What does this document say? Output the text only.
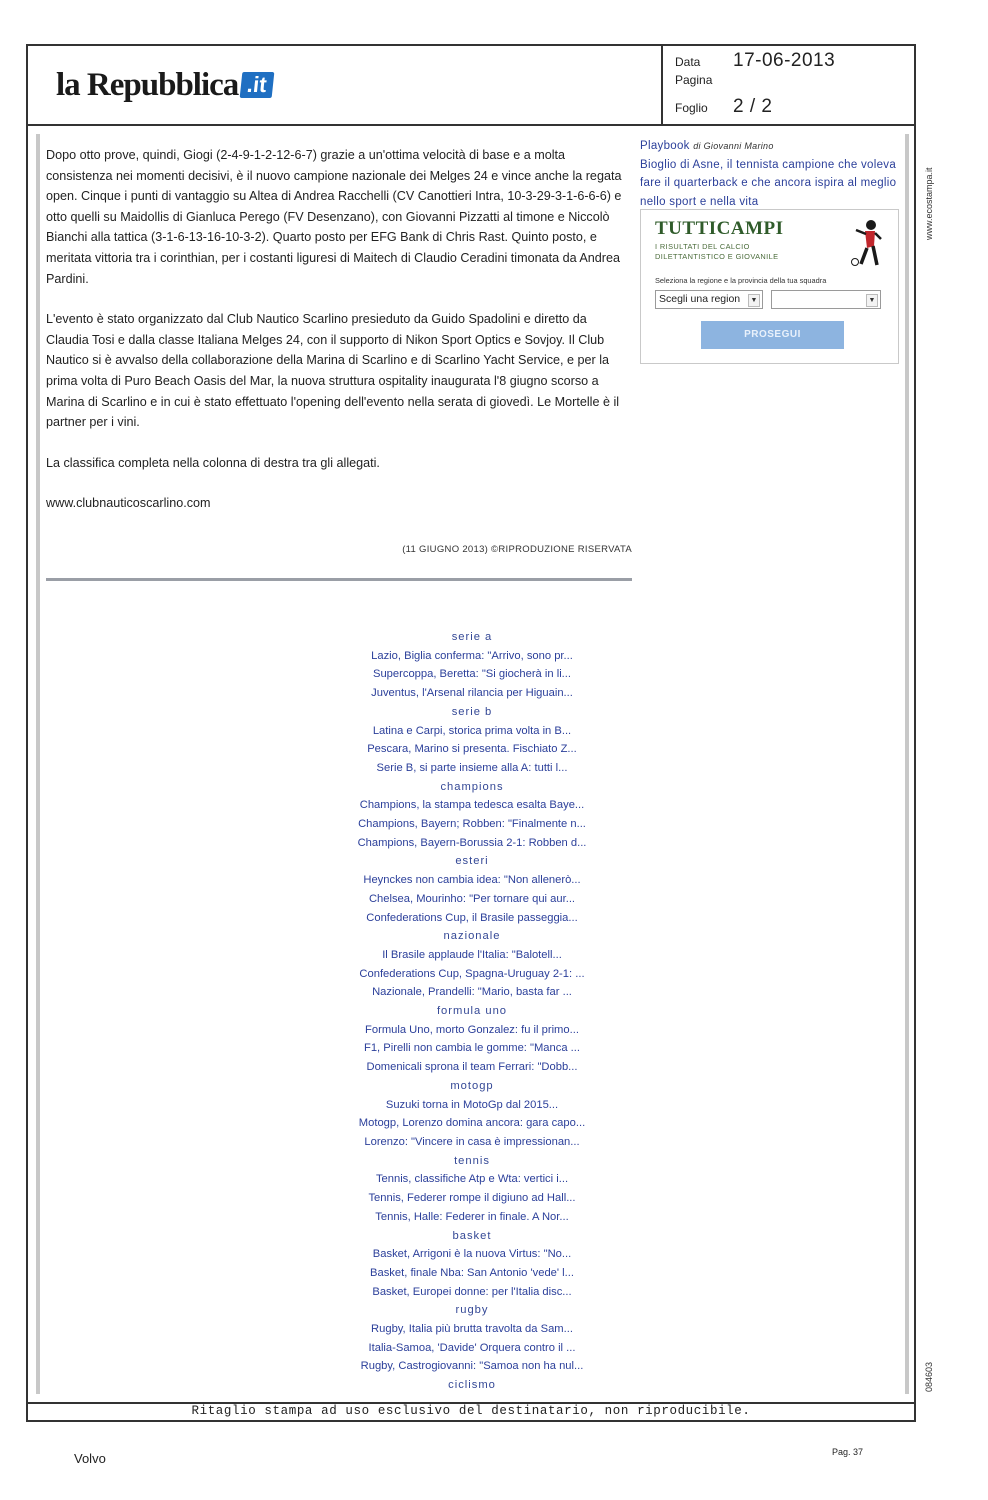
la Repubblica .it
Data	17-06-2013
Pagina
Foglio	2 / 2

Dopo otto prove, quindi, Giogi (2-4-9-1-2-12-6-7) grazie a un'ottima velocità di base e a molta consistenza nei momenti decisivi, è il nuovo campione nazionale dei Melges 24 e vince anche la regata open. Cinque i punti di vantaggio su Altea di Andrea Racchelli (CV Canottieri Intra, 10-3-29-3-1-6-6-6) e otto quelli su Maidollis di Gianluca Perego (FV Desenzano), con Giovanni Pizzatti al timone e Niccolò Bianchi alla tattica (3-1-6-13-16-10-3-2). Quarto posto per EFG Bank di Chris Rast. Quinto posto, e meritata vittoria tra i corinthian, per i costanti liguresi di Maitech di Claudio Ceradini timonata da Andrea Pardini.

L'evento è stato organizzato dal Club Nautico Scarlino presieduto da Guido Spadolini e diretto da Claudia Tosi e dalla classe Italiana Melges 24, con il supporto di Nikon Sport Optics e Sovjoy. Il Club Nautico si è avvalso della collaborazione della Marina di Scarlino e di Scarlino Yacht Service, e per la prima volta di Puro Beach Oasis del Mar, la nuova struttura ospitality inaugurata l'8 giugno scorso a Marina di Scarlino e in cui è stato effettuato l'opening dell'evento nella serata di giovedì. Le Mortelle è il partner per i vini.

La classifica completa nella colonna di destra tra gli allegati.

www.clubnauticoscarlino.com

(11 GIUGNO 2013) ©RIPRODUZIONE RISERVATA
serie a
Lazio, Biglia conferma: "Arrivo, sono pr...
Supercoppa, Beretta: "Si giocherà in li...
Juventus, l'Arsenal rilancia per Higuain...
serie b
Latina e Carpi, storica prima volta in B...
Pescara, Marino si presenta. Fischiato Z...
Serie B, si parte insieme alla A: tutti l...
champions
Champions, la stampa tedesca esalta Baye...
Champions, Bayern; Robben: "Finalmente n...
Champions, Bayern-Borussia 2-1: Robben d...
esteri
Heynckes non cambia idea: "Non allenerò...
Chelsea, Mourinho: "Per tornare qui aur...
Confederations Cup, il Brasile passeggia...
nazionale
Il Brasile applaude l'Italia: "Balotell...
Confederations Cup, Spagna-Uruguay 2-1: ...
Nazionale, Prandelli: "Mario, basta far ...
formula uno
Formula Uno, morto Gonzalez: fu il primo...
F1, Pirelli non cambia le gomme: "Manca ...
Domenicali sprona il team Ferrari: "Dobb...
motogp
Suzuki torna in MotoGp dal 2015...
Motogp, Lorenzo domina ancora: gara capo...
Lorenzo: "Vincere in casa è impressionan...
tennis
Tennis, classifiche Atp e Wta: vertici i...
Tennis, Federer rompe il digiuno ad Hall...
Tennis, Halle: Federer in finale. A Nor...
basket
Basket, Arrigoni è la nuova Virtus: "No...
Basket, finale Nba: San Antonio 'vede' l...
Basket, Europei donne: per l'Italia disc...
rugby
Rugby, Italia più brutta travolta da Sam...
Italia-Samoa, 'Davide' Orquera contro il ...
Rugby, Castrogiovanni: "Samoa non ha nul...
ciclismo
Playbook di Giovanni Marino
Bioglio di Asne, il tennista campione che voleva fare il quarterback e che ancora ispira al meglio nello sport e nella vita
TUTTICAMPI
I RISULTATI DEL CALCIO
DILETTANTISTICO E GIOVANILE
Seleziona la regione e la provincia della tua squadra
Scegli una region	▼	▼
PROSEGUI
www.ecostampa.it
084603
Ritaglio stampa ad uso esclusivo del destinatario, non riproducibile.
Volvo	Pag. 37
